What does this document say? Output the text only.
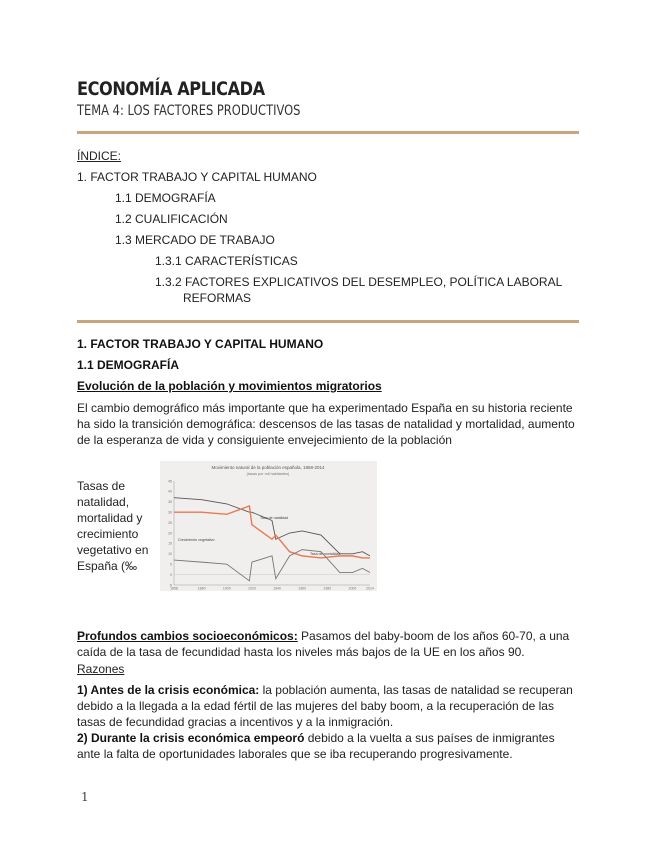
ECONOMÍA APLICADA
TEMA 4: LOS FACTORES PRODUCTIVOS
ÍNDICE:
1. FACTOR TRABAJO Y CAPITAL HUMANO
1.1 DEMOGRAFÍA
1.2 CUALIFICACIÓN
1.3 MERCADO DE TRABAJO
1.3.1 CARACTERÍSTICAS
1.3.2 FACTORES EXPLICATIVOS DEL DESEMPLEO, POLÍTICA LABORAL
REFORMAS
1. FACTOR TRABAJO Y CAPITAL HUMANO
1.1 DEMOGRAFÍA
Evolución de la población y movimientos migratorios
El cambio demográfico más importante que ha experimentado España en su historia reciente ha sido la transición demográfica: descensos de las tasas de natalidad y mortalidad, aumento de la esperanza de vida y consiguiente envejecimiento de la población
Tasas de natalidad, mortalidad y crecimiento vegetativo en España (‰
Movimiento natural de la población española, 1858-2014
(tasas por mil habitantes)
-5
0
5
10
15
20
25
30
35
40
45
1858	1880	1900	1920	1940	1960	1980	2000	2014
Tasa de natalidad
Crecimiento vegetativo
Tasa de mortalidad
Profundos cambios socioeconómicos: Pasamos del baby-boom de los años 60-70, a una caída de la tasa de fecundidad hasta los niveles más bajos de la UE en los años 90.
Razones
1) Antes de la crisis económica: la población aumenta, las tasas de natalidad se recuperan debido a la llegada a la edad fértil de las mujeres del baby boom, a la recuperación de las tasas de fecundidad gracias a incentivos y a la inmigración.
2) Durante la crisis económica empeoró debido a la vuelta a sus países de inmigrantes ante la falta de oportunidades laborales que se iba recuperando progresivamente.
1
